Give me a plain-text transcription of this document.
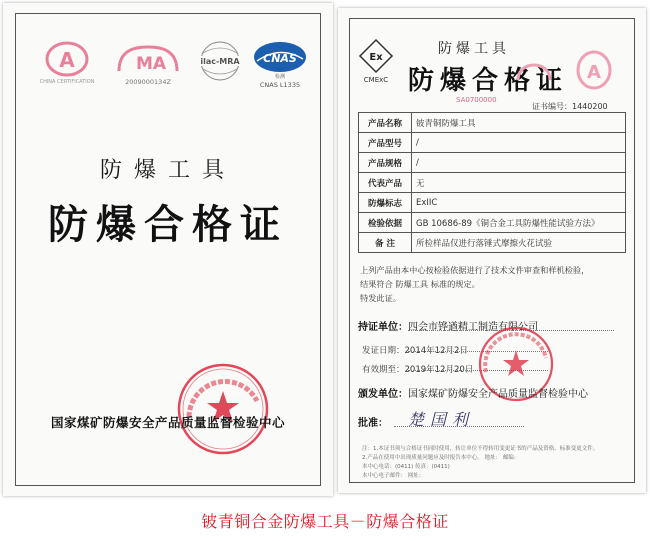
A
CHINA CERTIFICATION
MA
2009000134Z
ilac-MRA CNAS
检测
CNAS L1335
防爆工具
防爆合格证
国家煤矿防爆安全产品质量监督检验中心
Ex
CMExC
防爆工具
防爆合格证 A
SA0700000
证书编号：1440200
产品名称	铍青铜防爆工具
产品型号	/
产品规格	/
代表产品	无
防爆标志	ExIIC
检验依据	GB 10686-89《铜合金工具防爆性能试验方法》
备 注	所检样品仅进行落锤式摩擦火花试验
上列产品由本中心按检验依据进行了技术文件审查和样机检验，
结果符合 防爆工具 标准的规定。
特发此证。
持证单位：四会市铧遒精工制造有限公司
发证日期：2014年12月2日
有效期至：2019年12月20日
颁发单位：国家煤矿防爆安全产品质量监督检验中心
批准： 楚国利
注：1.本证书须与合格证书同时使用，转让单位不得转用变更证书的产品及资格、标准变更文件。
2.产品在使用中出现质量问题应及时报告本中心。 地址： 邮编：
本中心电话：(0411) 传真：(0411)
本中心电子邮件： 网址：
铍青铜合金防爆工具－防爆合格证
